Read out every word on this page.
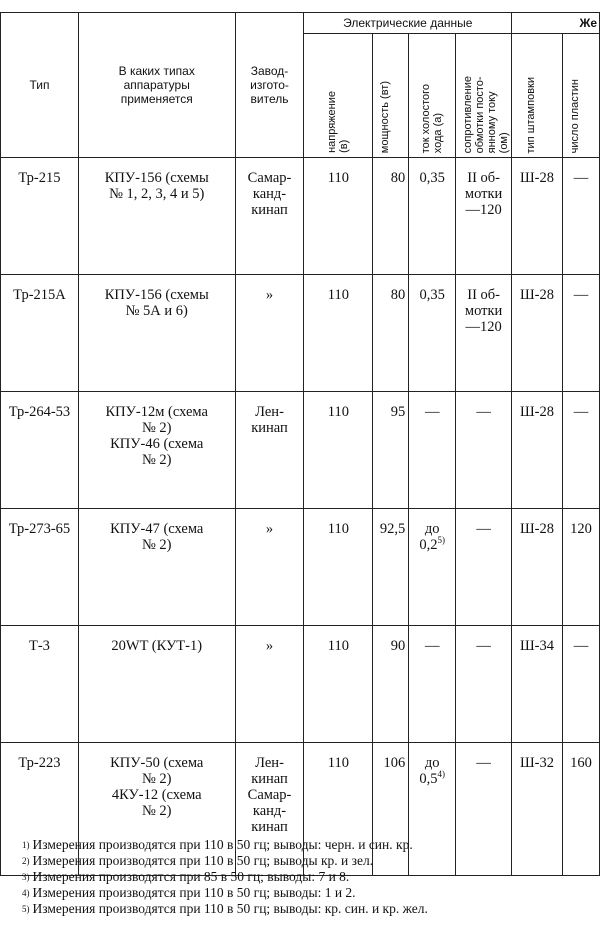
Тип	В каких типах
аппаратуры
применяется	Завод-
изгото-
витель	Электрические данные				Же	

			напряжение
(в)	мощность (вт)	ток холостого
хода (а)	сопротивление
обмотки посто-
янному току
(ом)	тип штамповки	число пластин

Тр-215	КПУ-156 (схемы
№ 1, 2, 3, 4 и 5)	Самар-
канд-
кинап	110	80	0,35	II об-
мотки
—120	Ш-28	—
Тр-215А	КПУ-156 (схемы
№ 5А и 6)	»	110	80	0,35	II об-
мотки
—120	Ш-28	—
Тр-264-53	КПУ-12м (схема
№ 2)
КПУ-46 (схема
№ 2)	Лен-
кинап	110	95	—	—	Ш-28	—
Тр-273-65	КПУ-47 (схема
№ 2)	»	110	92,5	до
0,2$^{5)}$	—	Ш-28	120
Т-3	20WT (КУТ-1)	»	110	90	—	—	Ш-34	—
Тр-223	КПУ-50 (схема
№ 2)
4КУ-12 (схема
№ 2)	Лен-
кинап
Самар-
канд-
кинап	110	106	до
0,5$^{4)}$	—	Ш-32	160
$^{1)}$ Измерения производятся при 110 в 50 гц; выводы: черн. и син. кр.
$^{2)}$ Измерения производятся при 110 в 50 гц; выводы кр. и зел.
$^{3)}$ Измерения производятся при 85 в 50 гц; выводы: 7 и 8.
$^{4)}$ Измерения производятся при 110 в 50 гц; выводы: 1 и 2.
$^{5)}$ Измерения производятся при 110 в 50 гц; выводы: кр. син. и кр. жел.
